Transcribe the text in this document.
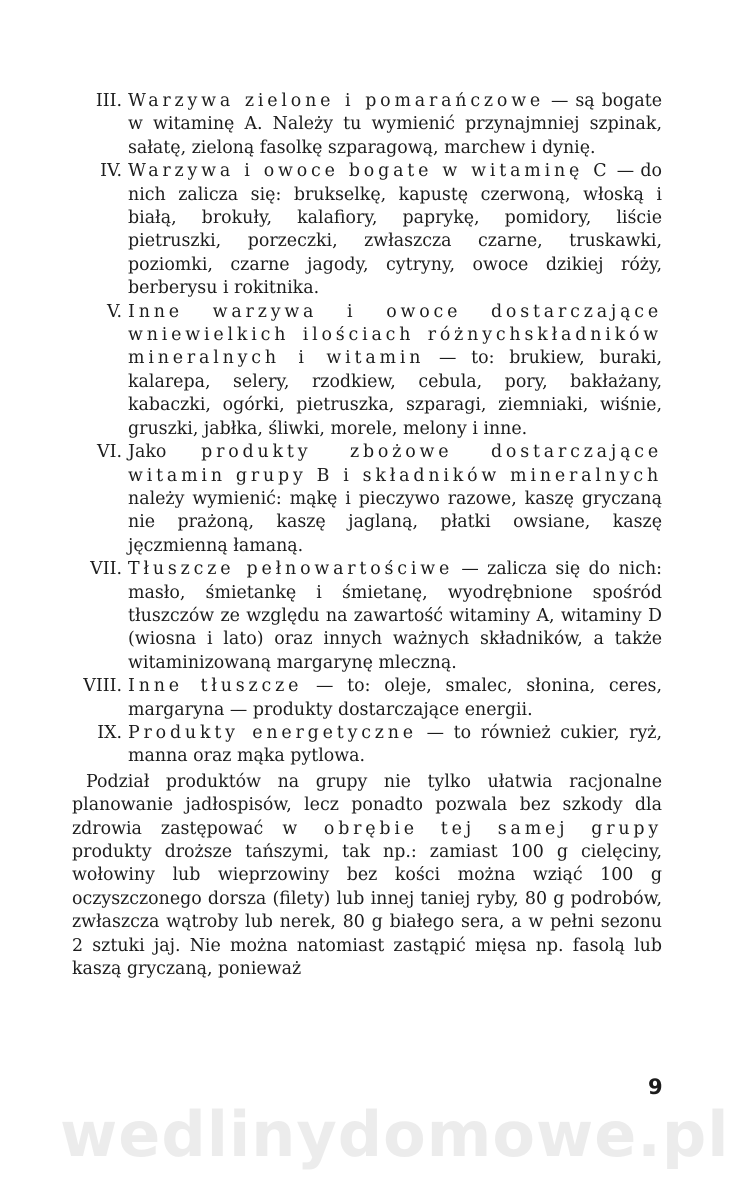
III. Warzywa zielone i pomarańczowe — są bogate w witaminę A. Należy tu wymienić przynajmniej szpinak, sałatę, zieloną fasolkę szparagową, marchew i dynię.
IV. Warzywa i owoce bogate w witaminę C — do nich zalicza się: brukselkę, kapustę czerwoną, włoską i białą, brokuły, kalafiory, paprykę, pomidory, liście pietruszki, porzeczki, zwłaszcza czarne, truskawki, poziomki, czarne jagody, cytryny, owoce dzikiej róży, berberysu i rokitnika.
V. Inne warzywa i owoce dostarczające wniewielkich ilościach różnychskładników mineralnych i witamin — to: brukiew, buraki, kalarepa, selery, rzodkiew, cebula, pory, bakłażany, kabaczki, ogórki, pietruszka, szparagi, ziemniaki, wiśnie, gruszki, jabłka, śliwki, morele, melony i inne.
VI. Jako produkty zbożowe dostarczające witamin grupy B i składników mineralnych należy wymienić: mąkę i pieczywo razowe, kaszę gryczaną nie prażoną, kaszę jaglaną, płatki owsiane, kaszę jęczmienną łamaną.
VII. Tłuszcze pełnowartościwe — zalicza się do nich: masło, śmietankę i śmietanę, wyodrębnione spośród tłuszczów ze względu na zawartość witaminy A, witaminy D (wiosna i lato) oraz innych ważnych składników, a także witaminizowaną margarynę mleczną.
VIII. Inne tłuszcze — to: oleje, smalec, słonina, ceres, margaryna — produkty dostarczające energii.
IX. Produkty energetyczne — to również cukier, ryż, manna oraz mąka pytlowa.

Podział produktów na grupy nie tylko ułatwia racjonalne planowanie jadłospisów, lecz ponadto pozwala bez szkody dla zdrowia zastępować w obrębie tej samej grupy produkty droższe tańszymi, tak np.: zamiast 100 g cielęciny, wołowiny lub wieprzowiny bez kości można wziąć 100 g oczyszczonego dorsza (filety) lub innej taniej ryby, 80 g podrobów, zwłaszcza wątroby lub nerek, 80 g białego sera, a w pełni sezonu 2 sztuki jaj. Nie można natomiast zastąpić mięsa np. fasolą lub kaszą gryczaną, ponieważ

9
wedlinydomowe.pl
